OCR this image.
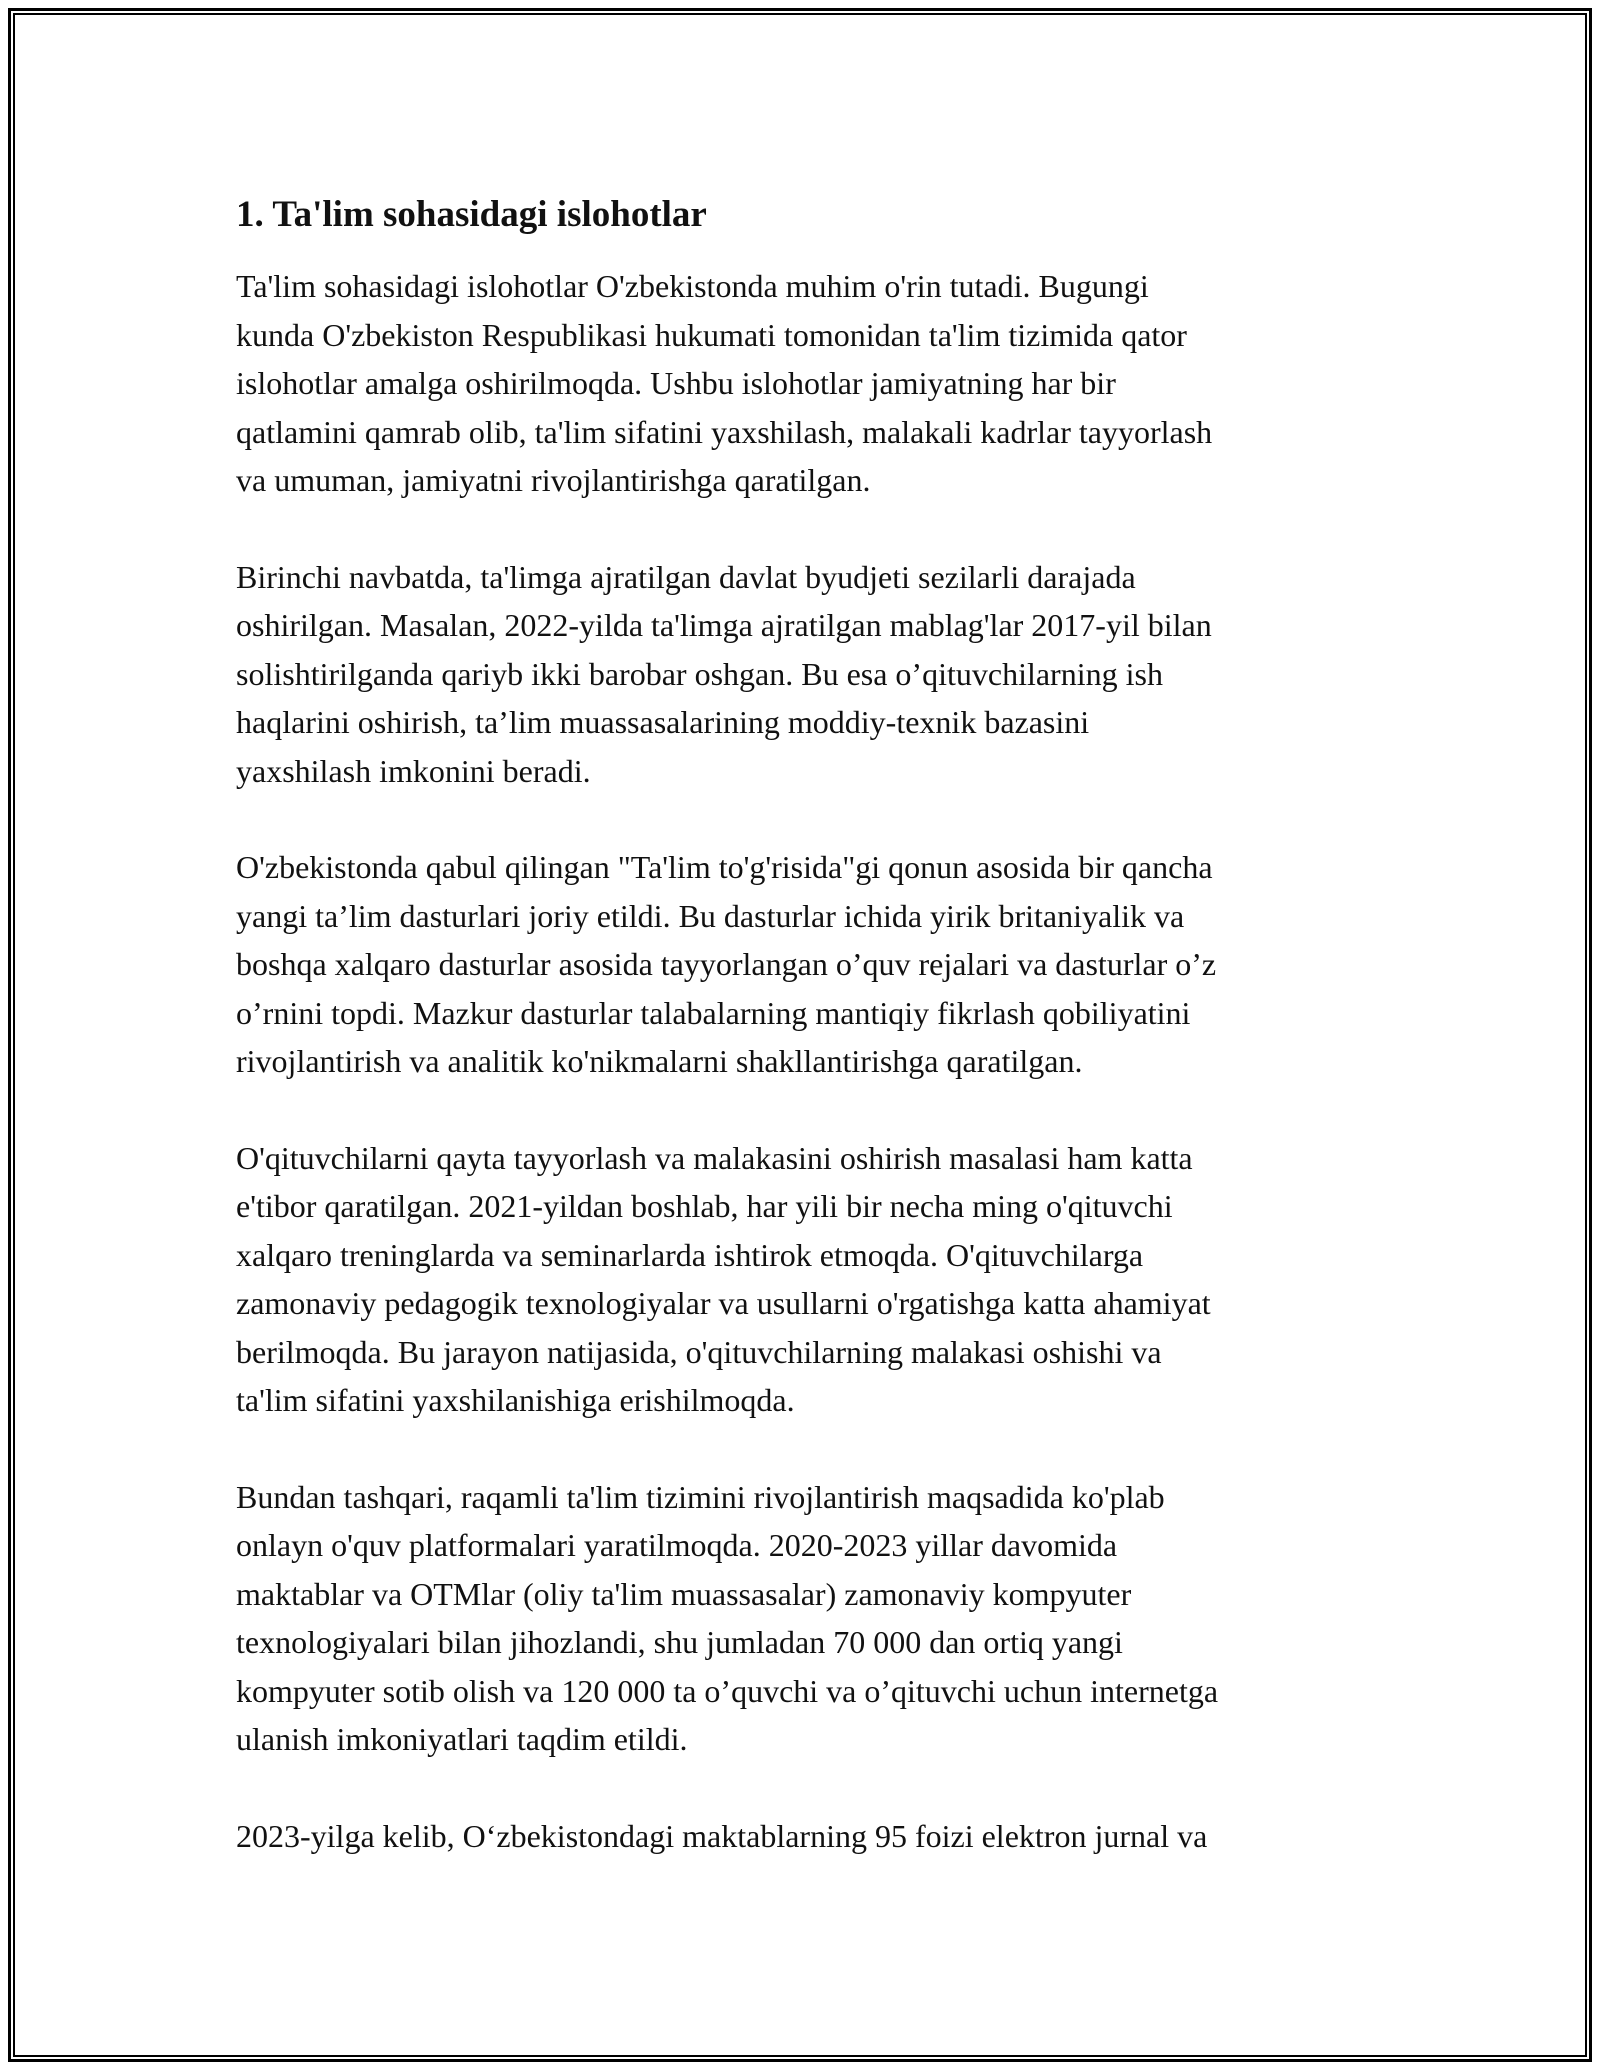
1. Ta'lim sohasidagi islohotlar

Ta'lim sohasidagi islohotlar O'zbekistonda muhim o'rin tutadi. Bugungi
kunda O'zbekiston Respublikasi hukumati tomonidan ta'lim tizimida qator
islohotlar amalga oshirilmoqda. Ushbu islohotlar jamiyatning har bir
qatlamini qamrab olib, ta'lim sifatini yaxshilash, malakali kadrlar tayyorlash
va umuman, jamiyatni rivojlantirishga qaratilgan.

Birinchi navbatda, ta'limga ajratilgan davlat byudjeti sezilarli darajada
oshirilgan. Masalan, 2022-yilda ta'limga ajratilgan mablag'lar 2017-yil bilan
solishtirilganda qariyb ikki barobar oshgan. Bu esa o’qituvchilarning ish
haqlarini oshirish, ta’lim muassasalarining moddiy-texnik bazasini
yaxshilash imkonini beradi.

O'zbekistonda qabul qilingan "Ta'lim to'g'risida"gi qonun asosida bir qancha
yangi ta’lim dasturlari joriy etildi. Bu dasturlar ichida yirik britaniyalik va
boshqa xalqaro dasturlar asosida tayyorlangan o’quv rejalari va dasturlar o’z
o’rnini topdi. Mazkur dasturlar talabalarning mantiqiy fikrlash qobiliyatini
rivojlantirish va analitik ko'nikmalarni shakllantirishga qaratilgan.

O'qituvchilarni qayta tayyorlash va malakasini oshirish masalasi ham katta
e'tibor qaratilgan. 2021-yildan boshlab, har yili bir necha ming o'qituvchi
xalqaro treninglarda va seminarlarda ishtirok etmoqda. O'qituvchilarga
zamonaviy pedagogik texnologiyalar va usullarni o'rgatishga katta ahamiyat
berilmoqda. Bu jarayon natijasida, o'qituvchilarning malakasi oshishi va
ta'lim sifatini yaxshilanishiga erishilmoqda.

Bundan tashqari, raqamli ta'lim tizimini rivojlantirish maqsadida ko'plab
onlayn o'quv platformalari yaratilmoqda. 2020-2023 yillar davomida
maktablar va OTMlar (oliy ta'lim muassasalar) zamonaviy kompyuter
texnologiyalari bilan jihozlandi, shu jumladan 70 000 dan ortiq yangi
kompyuter sotib olish va 120 000 ta o’quvchi va o’qituvchi uchun internetga
ulanish imkoniyatlari taqdim etildi.

2023-yilga kelib, O‘zbekistondagi maktablarning 95 foizi elektron jurnal va
